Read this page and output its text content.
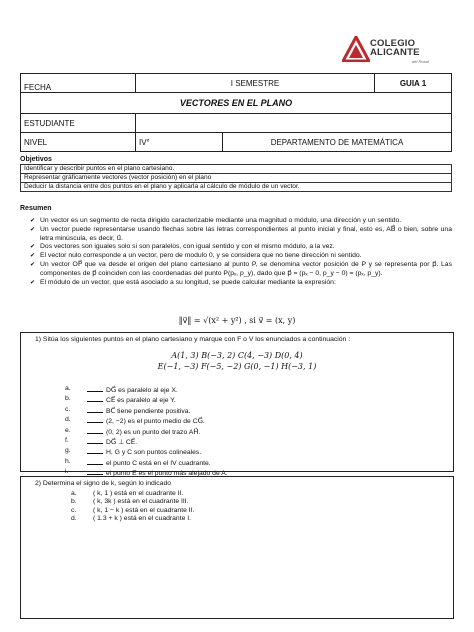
COLEGIO
ALICANTE
del Rosal
FECHA	I SEMESTRE		GUIA 1
VECTORES EN EL PLANO			
ESTUDIANTE			
NIVEL	IV°	DEPARTAMENTO DE MATEMÁTICA	
Objetivos
Identificar y describir puntos en el plano cartesiano.
Representar gráficamente vectores (vector posición) en el plano
Deducir la distancia entre dos puntos en el plano y aplicarla al cálculo de módulo de un vector.
Resumen
✔ Un vector es un segmento de recta dirigido caracterizable mediante una magnitud o módulo, una dirección y un sentido.
✔ Un vector puede representarse usando flechas sobre las letras correspondientes al punto inicial y final, esto es, AB⃗ o bien, sobre una letra minúscula, es decir, u⃗.
✔ Dos vectores son iguales solo si son paralelos, con igual sentido y con el mismo módulo, a la vez.
✔ El vector nulo corresponde a un vector, pero de modulo 0, y se considera que no tiene dirección ni sentido.
✔ Un vector OP⃗ que va desde el origen del plano cartesiano al punto P, se denomina vector posición de P y se representa por p⃗. Las componentes de p⃗ coinciden con las coordenadas del punto P(pₓ, p_y), dado que p⃗ = (pₓ − 0, p_y − 0) = (pₓ, p_y).
✔ El módulo de un vector, que está asociado a su longitud, se puede calcular mediante la expresión:
‖v⃗‖ = √(x² + y²) , si v⃗ = (x, y)
1) Sitúa los siguientes puntos en el plano cartesiano y marque con F o V los enunciados a continuación :
A(1, 3) B(−3, 2) C(4, −3) D(0, 4)
E(−1, −3) F(−5, −2) G(0, −1) H(−3, 1)
a.	DG⃗ es paralelo al eje X.
b.	CE⃗ es paralelo al eje Y.
c.	BC⃗ tiene pendiente positiva.
d.	(2, −2) es el punto medio de CG⃗.
e.	(0, 2) es un punto del trazo AH⃗.
f.	DG⃗ ⊥ CE⃗.
g.	H, G y C son puntos colineales.
h.	el punto C está en el IV cuadrante.
i.	el punto E es el punto más alejado de A.
2) Determina el signo de k, según lo indicado
a. ( k, 1 ) está en el cuadrante II.
b. ( k, 3k ) está en el cuadrante III.
c. ( k, 1 − k ) está en el cuadrante II.
d. ( 1.3 + k ) está en el cuadrante I.
